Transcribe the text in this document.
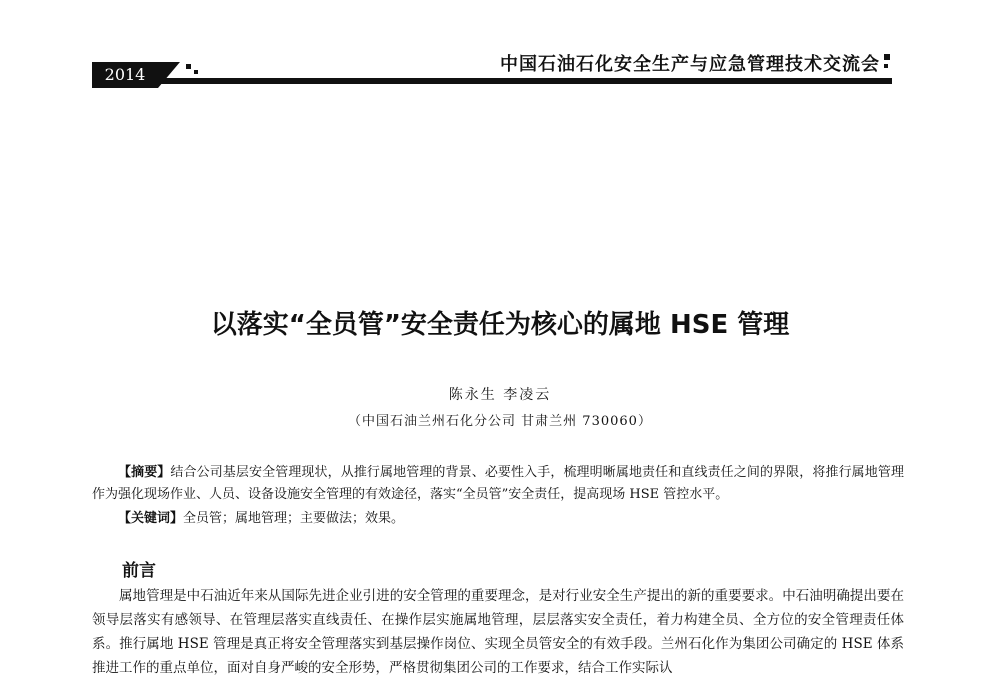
中国石油石化安全生产与应急管理技术交流会
2014
以落实“全员管”安全责任为核心的属地 HSE 管理
陈永生 李凌云
（中国石油兰州石化分公司 甘肃兰州 730060）
【摘要】结合公司基层安全管理现状，从推行属地管理的背景、必要性入手，梳理明晰属地责任和直线责任之间的界限，将推行属地管理作为强化现场作业、人员、设备设施安全管理的有效途径，落实“全员管”安全责任，提高现场 HSE 管控水平。
【关键词】全员管；属地管理；主要做法；效果。
前言
属地管理是中石油近年来从国际先进企业引进的安全管理的重要理念，是对行业安全生产提出的新的重要要求。中石油明确提出要在领导层落实有感领导、在管理层落实直线责任、在操作层实施属地管理，层层落实安全责任，着力构建全员、全方位的安全管理责任体系。推行属地 HSE 管理是真正将安全管理落实到基层操作岗位、实现全员管安全的有效手段。兰州石化作为集团公司确定的 HSE 体系推进工作的重点单位，面对自身严峻的安全形势，严格贯彻集团公司的工作要求，结合工作实际认
